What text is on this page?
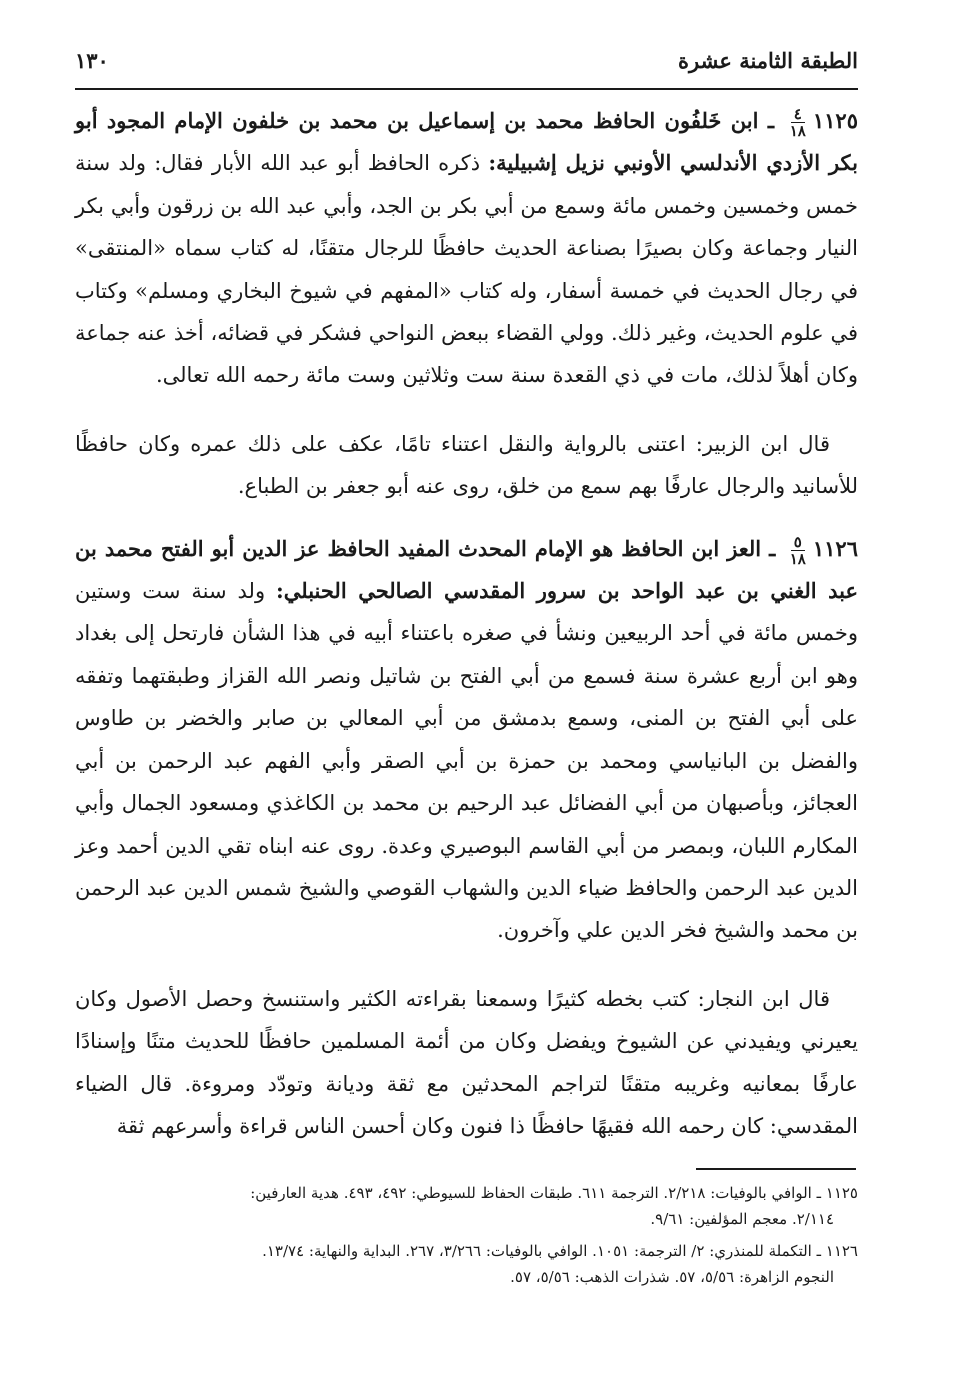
١٣٠	الطبقة الثامنة عشرة

١١٢٥
$\frac{٤}{١٨}$
ـ ابن خَلفُون الحافظ محمد بن إسماعيل بن محمد بن خلفون الإمام المجود أبو بكر الأزدي الأندلسي الأونبي نزيل إشبيلية: ذكره الحافظ أبو عبد الله الأبار فقال: ولد سنة خمس وخمسين وخمس مائة وسمع من أبي بكر بن الجد، وأبي عبد الله بن زرقون وأبي بكر النيار وجماعة وكان بصيرًا بصناعة الحديث حافظًا للرجال متقنًا، له كتاب سماه «المنتقى» في رجال الحديث في خمسة أسفار، وله كتاب «المفهم في شيوخ البخاري ومسلم» وكتاب في علوم الحديث، وغير ذلك. وولي القضاء ببعض النواحي فشكر في قضائه، أخذ عنه جماعة وكان أهلاً لذلك، مات في ذي القعدة سنة ست وثلاثين وست مائة رحمه الله تعالى.

قال ابن الزبير: اعتنى بالرواية والنقل اعتناء تامًا، عكف على ذلك عمره وكان حافظًا للأسانيد والرجال عارفًا بهم سمع من خلق، روى عنه أبو جعفر بن الطباع.

١١٢٦
$\frac{٥}{١٨}$
ـ العز ابن الحافظ هو الإمام المحدث المفيد الحافظ عز الدين أبو الفتح محمد بن عبد الغني بن عبد الواحد بن سرور المقدسي الصالحي الحنبلي: ولد سنة ست وستين وخمس مائة في أحد الربيعين ونشأ في صغره باعتناء أبيه في هذا الشأن فارتحل إلى بغداد وهو ابن أربع عشرة سنة فسمع من أبي الفتح بن شاتيل ونصر الله القزاز وطبقتهما وتفقه على أبي الفتح بن المنى، وسمع بدمشق من أبي المعالي بن صابر والخضر بن طاوس والفضل بن البانياسي ومحمد بن حمزة بن أبي الصقر وأبي الفهم عبد الرحمن بن أبي العجائز، وبأصبهان من أبي الفضائل عبد الرحيم بن محمد بن الكاغذي ومسعود الجمال وأبي المكارم اللبان، وبمصر من أبي القاسم البوصيري وعدة. روى عنه ابناه تقي الدين أحمد وعز الدين عبد الرحمن والحافظ ضياء الدين والشهاب القوصي والشيخ شمس الدين عبد الرحمن بن محمد والشيخ فخر الدين علي وآخرون.

قال ابن النجار: كتب بخطه كثيرًا وسمعنا بقراءته الكثير واستنسخ وحصل الأصول وكان يعيرني ويفيدني عن الشيوخ ويفضل وكان من أئمة المسلمين حافظًا للحديث متنًا وإسنادًا عارفًا بمعانيه وغريبه متقنًا لتراجم المحدثين مع ثقة وديانة وتودّد ومروءة. قال الضياء المقدسي: كان رحمه الله فقيهًا حافظًا ذا فنون وكان أحسن الناس قراءة وأسرعهم ثقة

١١٢٥ ـ الوافي بالوفيات: ٢/٢١٨. الترجمة ٦١١. طبقات الحفاظ للسيوطي: ٤٩٢، ٤٩٣. هدية العارفين:
٢/١١٤. معجم المؤلفين: ٩/٦١.

١١٢٦ ـ التكملة للمنذري: ٢/ الترجمة: ١٠٥١. الوافي بالوفيات: ٣/٢٦٦، ٢٦٧. البداية والنهاية: ١٣/٧٤.
النجوم الزاهرة: ٥/٥٦، ٥٧. شذرات الذهب: ٥/٥٦، ٥٧.
